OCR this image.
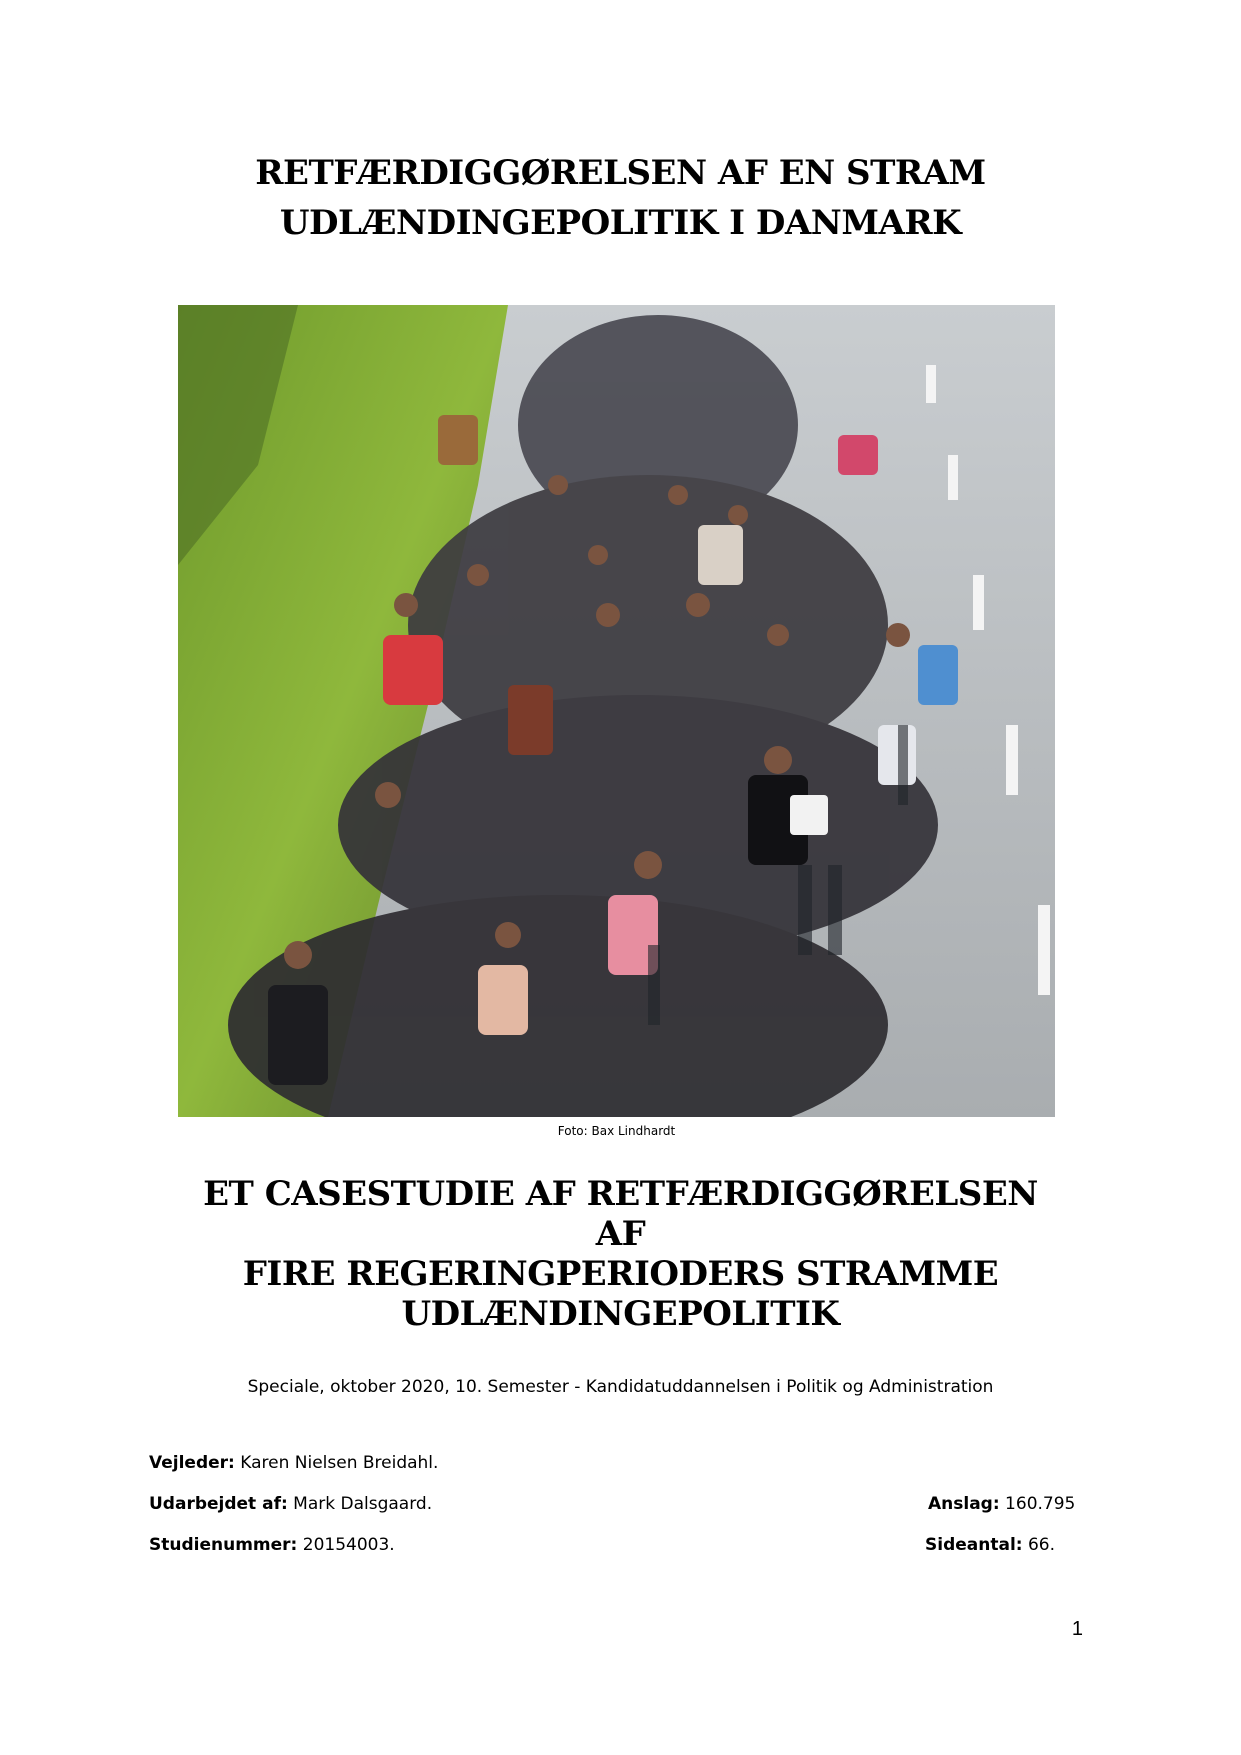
RETFÆRDIGGØRELSEN AF EN STRAM
UDLÆNDINGEPOLITIK I DANMARK
Foto: Bax Lindhardt
ET CASESTUDIE AF RETFÆRDIGGØRELSEN
AF
FIRE REGERINGPERIODERS STRAMME
UDLÆNDINGEPOLITIK
Speciale, oktober 2020, 10. Semester - Kandidatuddannelsen i Politik og Administration
Vejleder: Karen Nielsen Breidahl.
Udarbejdet af: Mark Dalsgaard.	Anslag: 160.795
Studienummer: 20154003.	Sideantal: 66.
1
